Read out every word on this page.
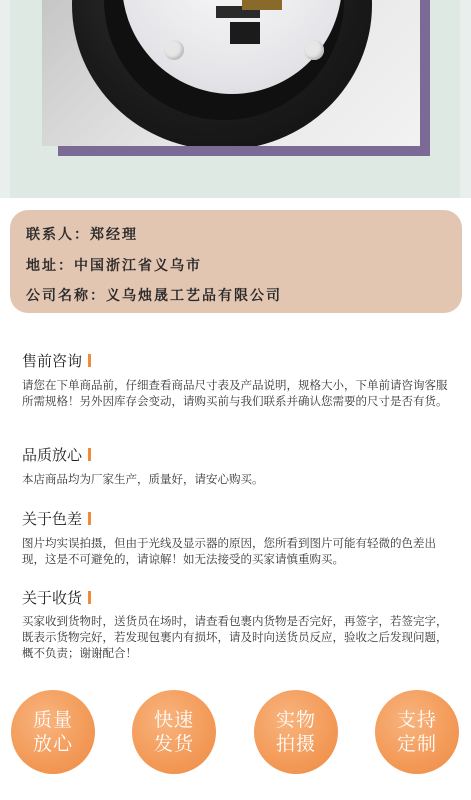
联系人：郑经理
地址：中国浙江省义乌市
公司名称：义乌烛晟工艺品有限公司
售前咨询
请您在下单商品前，仔细查看商品尺寸表及产品说明，规格大小，下单前请咨询客服所需规格！另外因库存会变动，请购买前与我们联系并确认您需要的尺寸是否有货。
品质放心
本店商品均为厂家生产，质量好，请安心购买。
关于色差
图片均实误拍摄，但由于光线及显示器的原因，您所看到图片可能有轻微的色差出现，这是不可避免的，请谅解！如无法接受的买家请慎重购买。
关于收货
买家收到货物时，送货员在场时，请查看包裹内货物是否完好，再签字，若签完字，既表示货物完好，若发现包裹内有损坏，请及时向送货员反应，验收之后发现问题，概不负责；谢谢配合！
质量
放心
快速
发货
实物
拍摄
支持
定制
